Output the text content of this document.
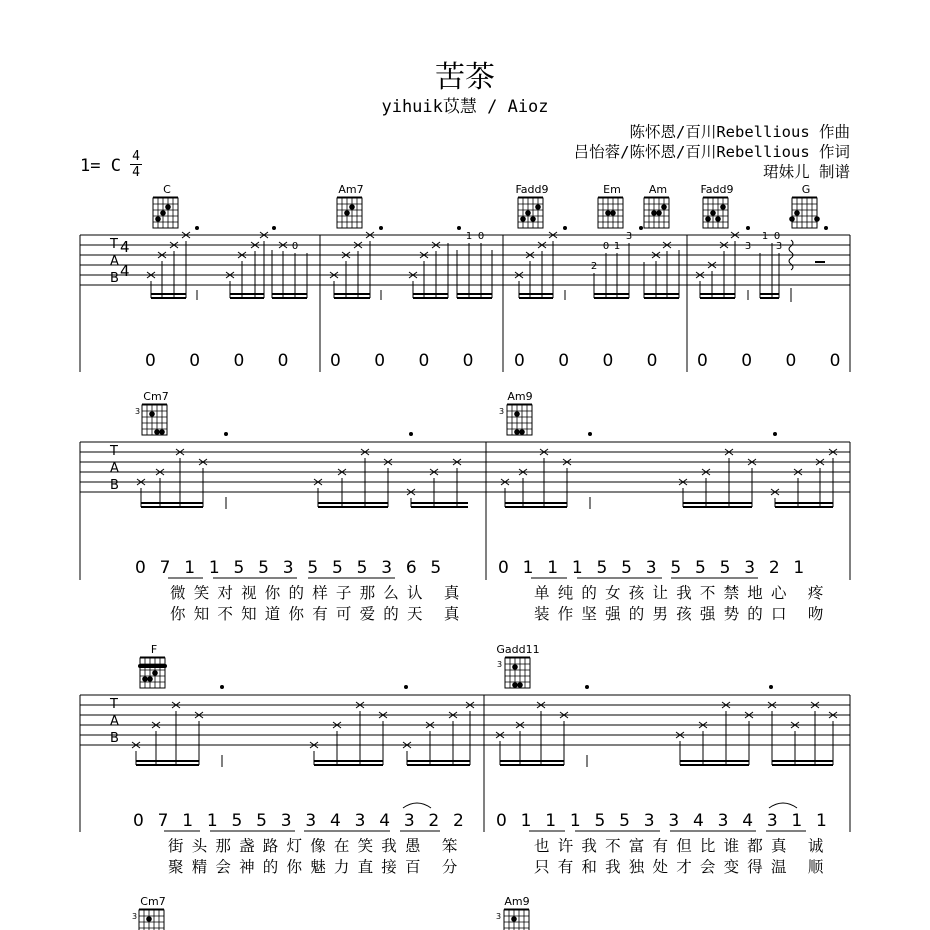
苦茶
yihuik苡慧 / Aioz
陈怀恩/百川Rebellious 作曲
吕怡蓉/陈怀恩/百川Rebellious 作词
珺妹儿 制谱
1= C 4
4
C	Am7	Fadd9	Em	Am	Fadd9	G
T
A
B
4
4
0
1 0
0 1
3
2
3
1 0
3
0 0 0 0 0 0 0 0 0 0 0 0 0 0 0 0
Cm7
3
Am9
3
T
A
B
0 7 1 1 5 5 3 5 5 5 3 6 5	0 1 1 1 5 5 3 5 5 5 3 2 1
微笑对视你的样子那么认 真	单纯的女孩让我不禁地心 疼
你知不知道你有可爱的天 真	装作坚强的男孩强势的口 吻
F	Gadd11
3
T
A
B
0 7 1 1 5 5 3 3 4 3 4 3 2 2 0 1 1 1 5 5 3 3 4 3 4 3 1 1
街头那盏路灯像在笑我愚 笨	也许我不富有但比谁都真 诚
聚精会神的你魅力直接百 分	只有和我独处才会变得温 顺
Cm7
3
Am9
3
